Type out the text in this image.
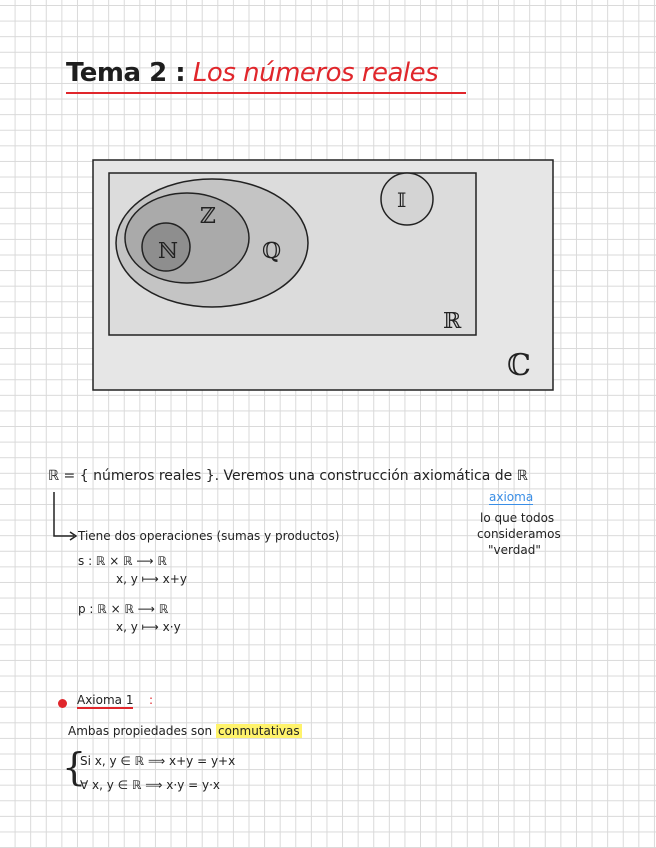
Tema 2 : Los números reales
ℕ
ℤ
ℚ
𝕀
ℝ
ℂ
ℝ = { números reales }. Veremos una construcción axiomática de ℝ
axioma
lo que todos
consideramos
"verdad"
Tiene dos operaciones (sumas y productos)
s : ℝ × ℝ ⟶ ℝ
x, y ⟼ x+y
p : ℝ × ℝ ⟶ ℝ
x, y ⟼ x·y
Axioma 1 :
Ambas propiedades son conmutativas
{
Si x, y ∈ ℝ ⟹ x+y = y+x
∀ x, y ∈ ℝ ⟹ x·y = y·x
